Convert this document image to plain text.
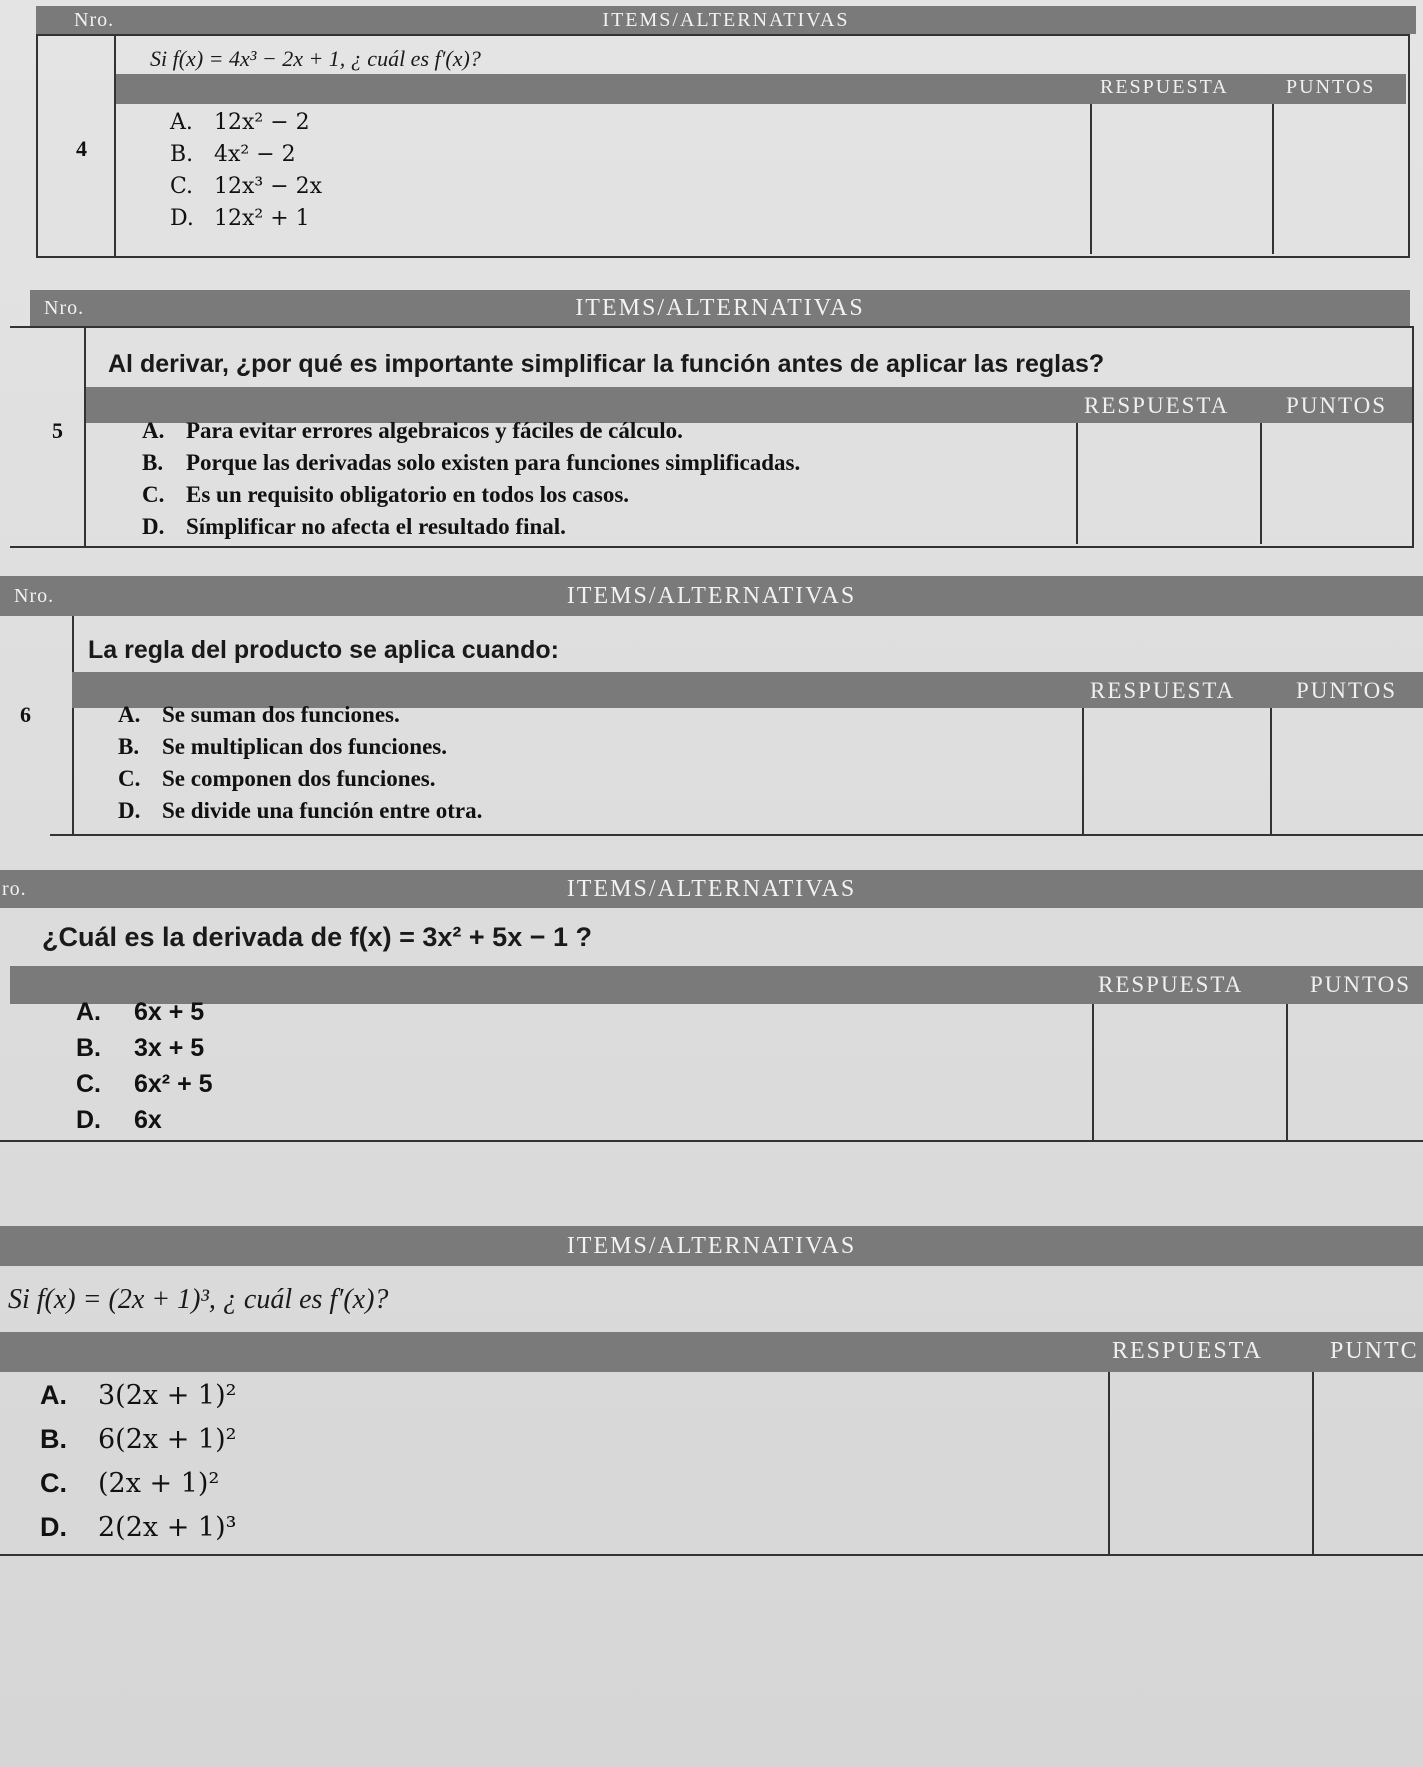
Nro.	ITEMS/ALTERNATIVAS
Si f(x) = 4x³ − 2x + 1, ¿ cuál es f′(x)?
RESPUESTA	PUNTOS
4
A. 12x² − 2
B. 4x² − 2
C. 12x³ − 2x
D. 12x² + 1
Nro.	ITEMS/ALTERNATIVAS
Al derivar, ¿por qué es importante simplificar la función antes de aplicar las reglas?
RESPUESTA PUNTOS
5	A. Para evitar errores algebraicos y fáciles de cálculo.
B. Porque las derivadas solo existen para funciones simplificadas.
C. Es un requisito obligatorio en todos los casos.
D. Símplificar no afecta el resultado final.
Nro.	ITEMS/ALTERNATIVAS
La regla del producto se aplica cuando:
RESPUESTA	PUNTOS
6	A. Se suman dos funciones.
B. Se multiplican dos funciones.
C. Se componen dos funciones.
D. Se divide una función entre otra.
ro.	ITEMS/ALTERNATIVAS
¿Cuál es la derivada de f(x) = 3x² + 5x − 1 ?
RESPUESTA	PUNTOS
A.	6x + 5
B.	3x + 5
C.	6x² + 5
D.	6x
ITEMS/ALTERNATIVAS
Si f(x) = (2x + 1)³, ¿ cuál es f′(x)?
RESPUESTA	PUNTC
A.	3(2x + 1)²
B.	6(2x + 1)²
C.	(2x + 1)²
D.	2(2x + 1)³
